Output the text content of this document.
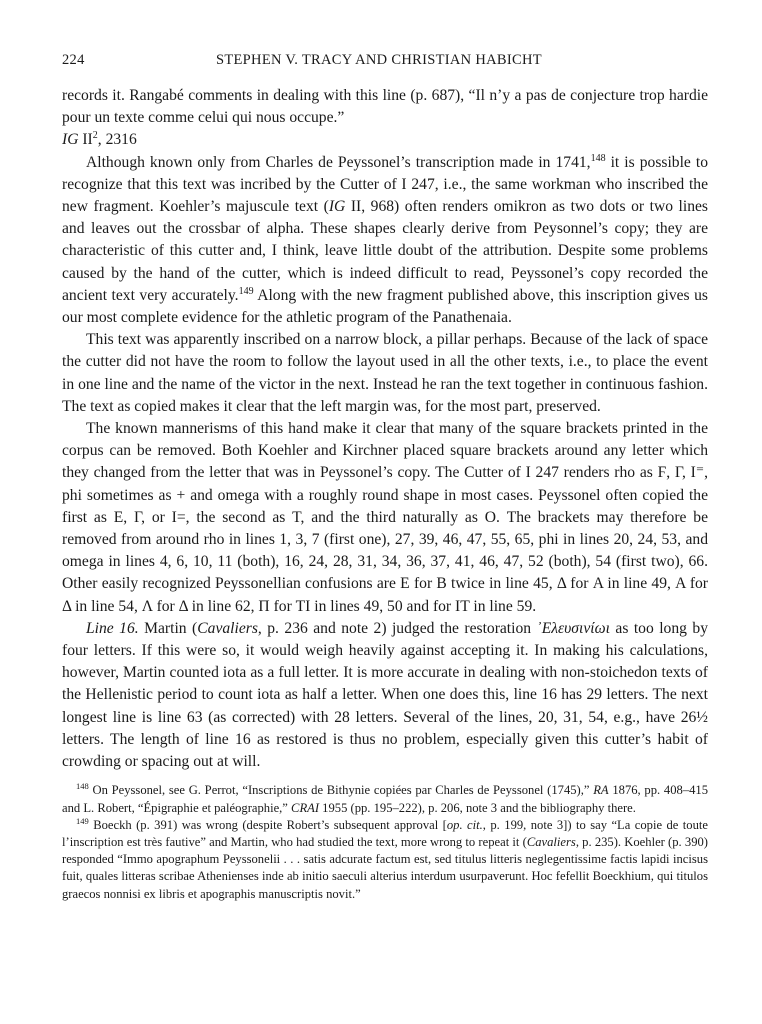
224	STEPHEN V. TRACY AND CHRISTIAN HABICHT

records it. Rangabé comments in dealing with this line (p. 687), “Il n’y a pas de conjecture trop hardie pour un texte comme celui qui nous occupe.”

IG $II^2$, 2316

Although known only from Charles de Peyssonel’s transcription made in 1741,$^{148}$ it is possible to recognize that this text was incribed by the Cutter of I 247, i.e., the same workman who inscribed the new fragment. Koehler’s majuscule text (IG II, 968) often renders omikron as two dots or two lines and leaves out the crossbar of alpha. These shapes clearly derive from Peysonnel’s copy; they are characteristic of this cutter and, I think, leave little doubt of the attribution. Despite some problems caused by the hand of the cutter, which is indeed difficult to read, Peyssonel’s copy recorded the ancient text very accurately.$^{149}$ Along with the new fragment published above, this inscription gives us our most complete evidence for the athletic program of the Panathenaia.

This text was apparently inscribed on a narrow block, a pillar perhaps. Because of the lack of space the cutter did not have the room to follow the layout used in all the other texts, i.e., to place the event in one line and the name of the victor in the next. Instead he ran the text together in continuous fashion. The text as copied makes it clear that the left margin was, for the most part, preserved.

The known mannerisms of this hand make it clear that many of the square brackets printed in the corpus can be removed. Both Koehler and Kirchner placed square brackets around any letter which they changed from the letter that was in Peyssonel’s copy. The Cutter of I 247 renders rho as Ϝ, Γ, Ι⁼, phi sometimes as + and omega with a roughly round shape in most cases. Peyssonel often copied the first as Ε, Γ, or Ι=, the second as Τ, and the third naturally as Ο. The brackets may therefore be removed from around rho in lines 1, 3, 7 (first one), 27, 39, 46, 47, 55, 65, phi in lines 20, 24, 53, and omega in lines 4, 6, 10, 11 (both), 16, 24, 28, 31, 34, 36, 37, 41, 46, 47, 52 (both), 54 (first two), 66. Other easily recognized Peyssonellian confusions are Ε for Β twice in line 45, Δ for Α in line 49, Α for Δ in line 54, Λ for Δ in line 62, Π for ΤΙ in lines 49, 50 and for ΙΤ in line 59.

Line 16. Martin (Cavaliers, p. 236 and note 2) judged the restoration ᾿Ελευσινίωι as too long by four letters. If this were so, it would weigh heavily against accepting it. In making his calculations, however, Martin counted iota as a full letter. It is more accurate in dealing with non-stoichedon texts of the Hellenistic period to count iota as half a letter. When one does this, line 16 has 29 letters. The next longest line is line 63 (as corrected) with 28 letters. Several of the lines, 20, 31, 54, e.g., have 26½ letters. The length of line 16 as restored is thus no problem, especially given this cutter’s habit of crowding or spacing out at will.

$^{148}$ On Peyssonel, see G. Perrot, “Inscriptions de Bithynie copiées par Charles de Peyssonel (1745),” RA 1876, pp. 408–415 and L. Robert, “Épigraphie et paléographie,” CRAI 1955 (pp. 195–222), p. 206, note 3 and the bibliography there.

$^{149}$ Boeckh (p. 391) was wrong (despite Robert’s subsequent approval [op. cit., p. 199, note 3]) to say “La copie de toute l’inscription est très fautive” and Martin, who had studied the text, more wrong to repeat it (Cavaliers, p. 235). Koehler (p. 390) responded “Immo apographum Peyssonelii . . . satis adcurate factum est, sed titulus litteris neglegentissime factis lapidi incisus fuit, quales litteras scribae Athenienses inde ab initio saeculi alterius interdum usurpaverunt. Hoc fefellit Boeckhium, qui titulos graecos nonnisi ex libris et apographis manuscriptis novit.”
